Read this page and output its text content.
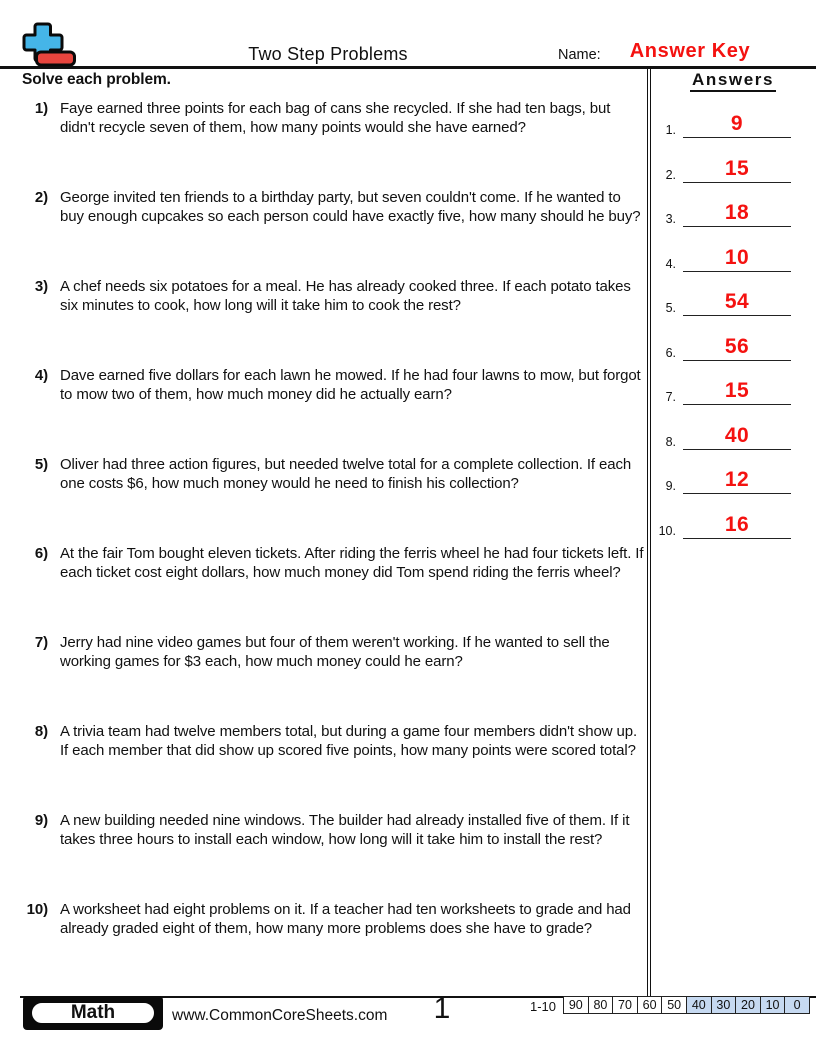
Two Step Problems	Name:	Answer Key
Solve each problem.	Answers
1.	9
2. 15
3. 18
4. 10
5. 54
6. 56
7. 15
8. 40
9. 12
10. 16
1) Faye earned three points for each bag of cans she recycled. If she had ten bags, but didn't recycle seven of them, how many points would she have earned?
2) George invited ten friends to a birthday party, but seven couldn't come. If he wanted to buy enough cupcakes so each person could have exactly five, how many should he buy?
3) A chef needs six potatoes for a meal. He has already cooked three. If each potato takes six minutes to cook, how long will it take him to cook the rest?
4) Dave earned five dollars for each lawn he mowed. If he had four lawns to mow, but forgot to mow two of them, how much money did he actually earn?
5) Oliver had three action figures, but needed twelve total for a complete collection. If each one costs $6, how much money would he need to finish his collection?
6) At the fair Tom bought eleven tickets. After riding the ferris wheel he had four tickets left. If each ticket cost eight dollars, how much money did Tom spend riding the ferris wheel?
7) Jerry had nine video games but four of them weren't working. If he wanted to sell the working games for $3 each, how much money could he earn?
8) A trivia team had twelve members total, but during a game four members didn't show up. If each member that did show up scored five points, how many points were scored total?
9) A new building needed nine windows. The builder had already installed five of them. If it takes three hours to install each window, how long will it take him to install the rest?
10) A worksheet had eight problems on it. If a teacher had ten worksheets to grade and had already graded eight of them, how many more problems does she have to grade?
Math	www.CommonCoreSheets.com	1	1-10	90 80 70 60 50 40 30 20 10	0
